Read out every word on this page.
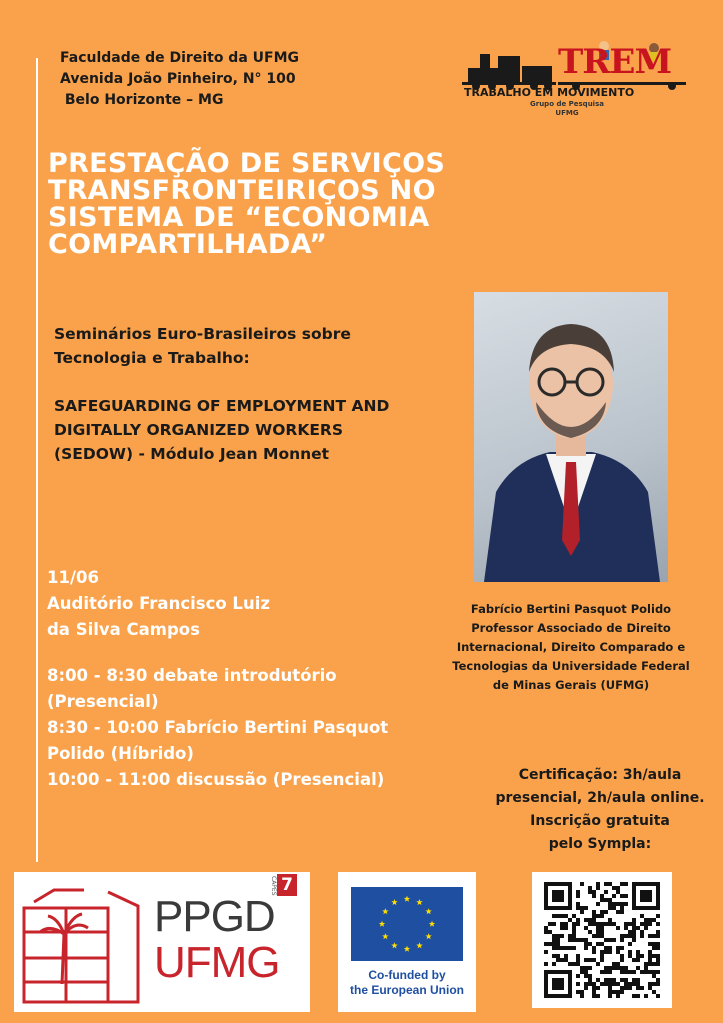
Faculdade de Direito da UFMG
Avenida João Pinheiro, N° 100
Belo Horizonte – MG
TREM
TRABALHO EM MOVIMENTO
Grupo de Pesquisa
UFMG
PRESTAÇÃO DE SERVIÇOS
TRANSFRONTEIRIÇOS NO
SISTEMA DE “ECONOMIA
COMPARTILHADA”

Seminários Euro-Brasileiros sobre Tecnologia e Trabalho:

SAFEGUARDING OF EMPLOYMENT AND DIGITALLY ORGANIZED WORKERS (SEDOW) - Módulo Jean Monnet

11/06
Auditório Francisco Luiz
da Silva Campos
8:00 - 8:30 debate introdutório
(Presencial)
8:30 - 10:00 Fabrício Bertini Pasquot
Polido (Híbrido)
10:00 - 11:00 discussão (Presencial)
Fabrício Bertini Pasquot Polido
Professor Associado de Direito
Internacional, Direito Comparado e
Tecnologias da Universidade Federal
de Minas Gerais (UFMG)
Certificação: 3h/aula
presencial, 2h/aula online.
Inscrição gratuita
pelo Sympla:
PPGD
UFMG
CAPES 7
Co-funded by
the European Union
